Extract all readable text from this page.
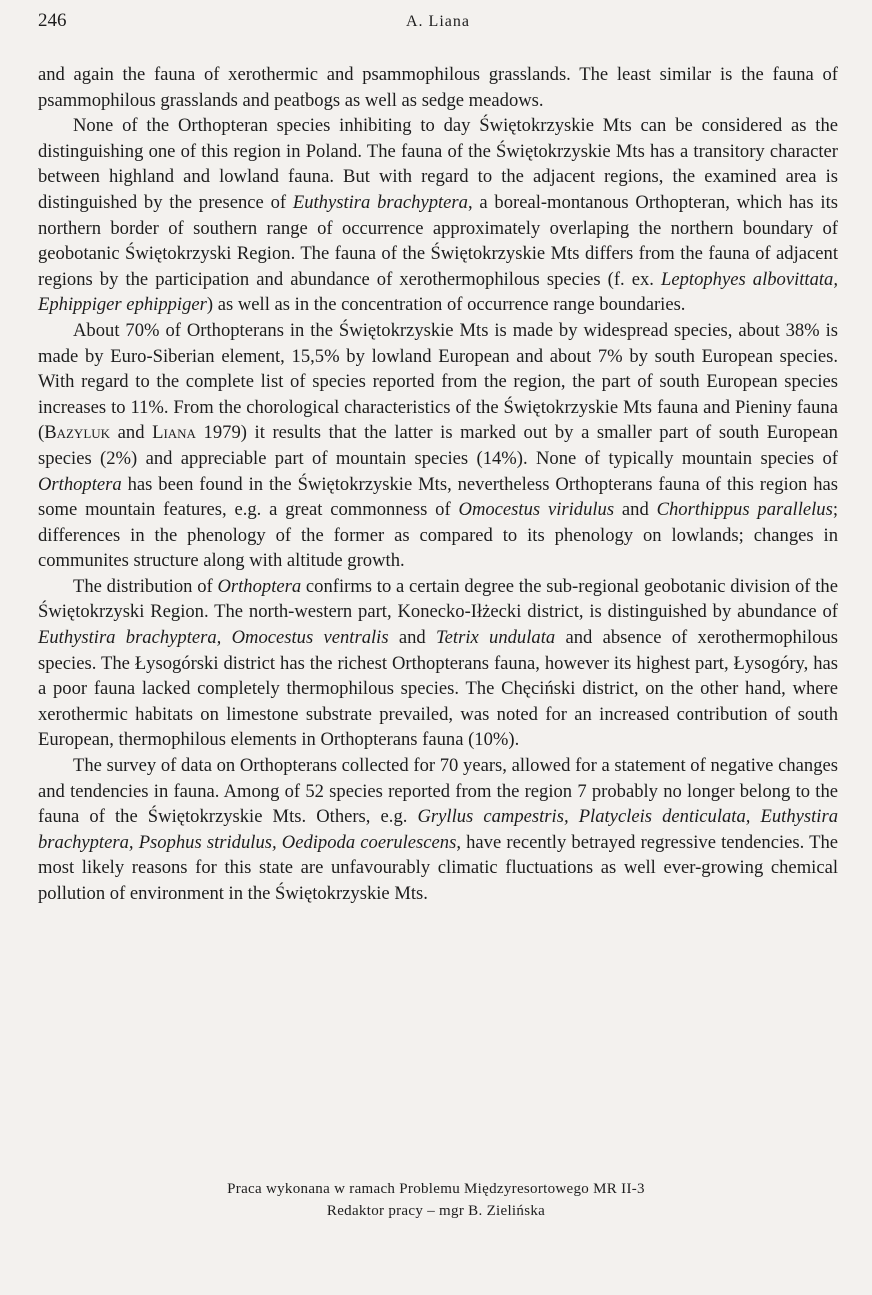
246	A. Liana

and again the fauna of xerothermic and psammophilous grasslands. The least similar is the fauna of psammophilous grasslands and peatbogs as well as sedge meadows.

None of the Orthopteran species inhibiting to day Świętokrzyskie Mts can be considered as the distinguishing one of this region in Poland. The fauna of the Świętokrzyskie Mts has a transitory character between highland and lowland fauna. But with regard to the adjacent regions, the examined area is distinguished by the presence of Euthystira brachyptera, a boreal-montanous Orthopteran, which has its northern border of southern range of occurrence approximately overlaping the northern boundary of geobotanic Świętokrzyski Region. The fauna of the Świętokrzyskie Mts differs from the fauna of adjacent regions by the participation and abundance of xerothermophilous species (f. ex. Leptophyes albovittata, Ephippiger ephippiger) as well as in the concentration of occurrence range boundaries.

About 70% of Orthopterans in the Świętokrzyskie Mts is made by widespread species, about 38% is made by Euro-Siberian element, 15,5% by lowland European and about 7% by south European species. With regard to the complete list of species reported from the region, the part of south European species increases to 11%. From the chorological characteristics of the Świętokrzyskie Mts fauna and Pieniny fauna (Bazyluk and Liana 1979) it results that the latter is marked out by a smaller part of south European species (2%) and appreciable part of mountain species (14%). None of typically mountain species of Orthoptera has been found in the Świętokrzyskie Mts, nevertheless Orthopterans fauna of this region has some mountain features, e.g. a great commonness of Omocestus viridulus and Chorthippus parallelus; differences in the phenology of the former as compared to its phenology on lowlands; changes in communites structure along with altitude growth.

The distribution of Orthoptera confirms to a certain degree the sub-regional geobotanic division of the Świętokrzyski Region. The north-western part, Konecko-Iłżecki district, is distinguished by abundance of Euthystira brachyptera, Omocestus ventralis and Tetrix undulata and absence of xerothermophilous species. The Łysogórski district has the richest Orthopterans fauna, however its highest part, Łysogóry, has a poor fauna lacked completely thermophilous species. The Chęciński district, on the other hand, where xerothermic habitats on limestone substrate prevailed, was noted for an increased contribution of south European, thermophilous elements in Orthopterans fauna (10%).

The survey of data on Orthopterans collected for 70 years, allowed for a statement of negative changes and tendencies in fauna. Among of 52 species reported from the region 7 probably no longer belong to the fauna of the Świętokrzyskie Mts. Others, e.g. Gryllus campestris, Platycleis denticulata, Euthystira brachyptera, Psophus stridulus, Oedipoda coerulescens, have recently betrayed regressive tendencies. The most likely reasons for this state are unfavourably climatic fluctuations as well ever-growing chemical pollution of environment in the Świętokrzyskie Mts.

Praca wykonana w ramach Problemu Międzyresortowego MR II-3
Redaktor pracy – mgr B. Zielińska
